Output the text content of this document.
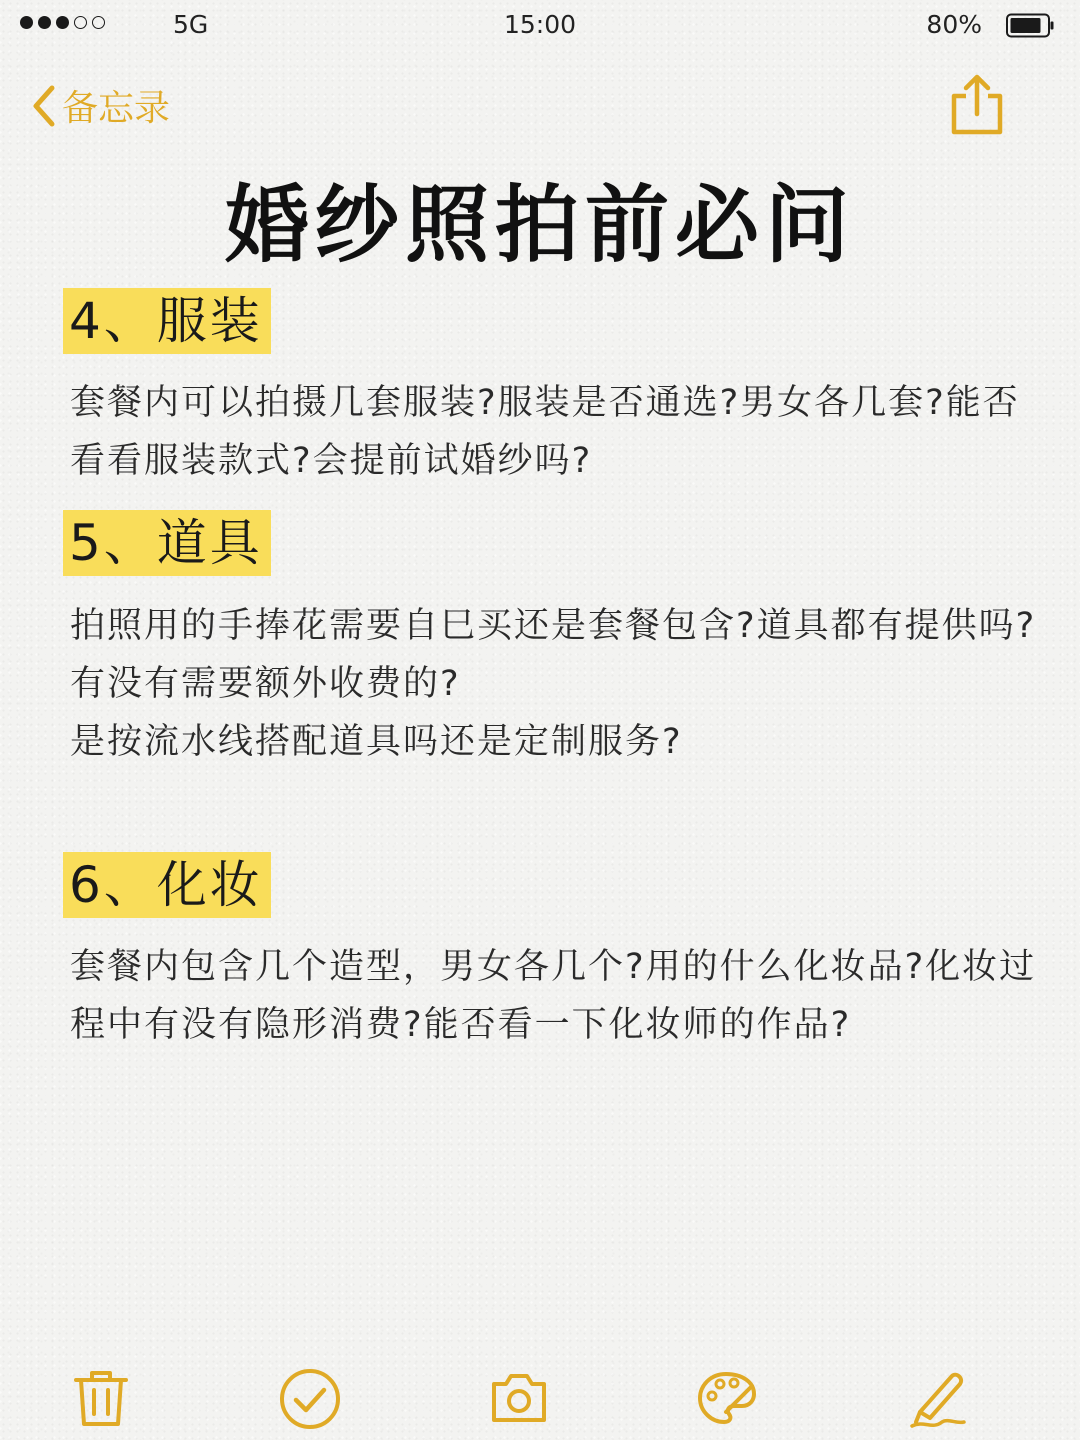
5G	15:00	80%
备忘录
婚纱照拍前必问
4、服装

套餐内可以拍摄几套服装?服装是否通选?男女各几套?能否看看服装款式?会提前试婚纱吗?

5、道具

拍照用的手捧花需要自巳买还是套餐包含?道具都有提供吗?

有没有需要额外收费的?

是按流水线搭配道具吗还是定制服务?

6、化妆

套餐内包含几个造型，男女各几个?用的什么化妆品?化妆过程中有没有隐形消费?能否看一下化妆师的作品?
